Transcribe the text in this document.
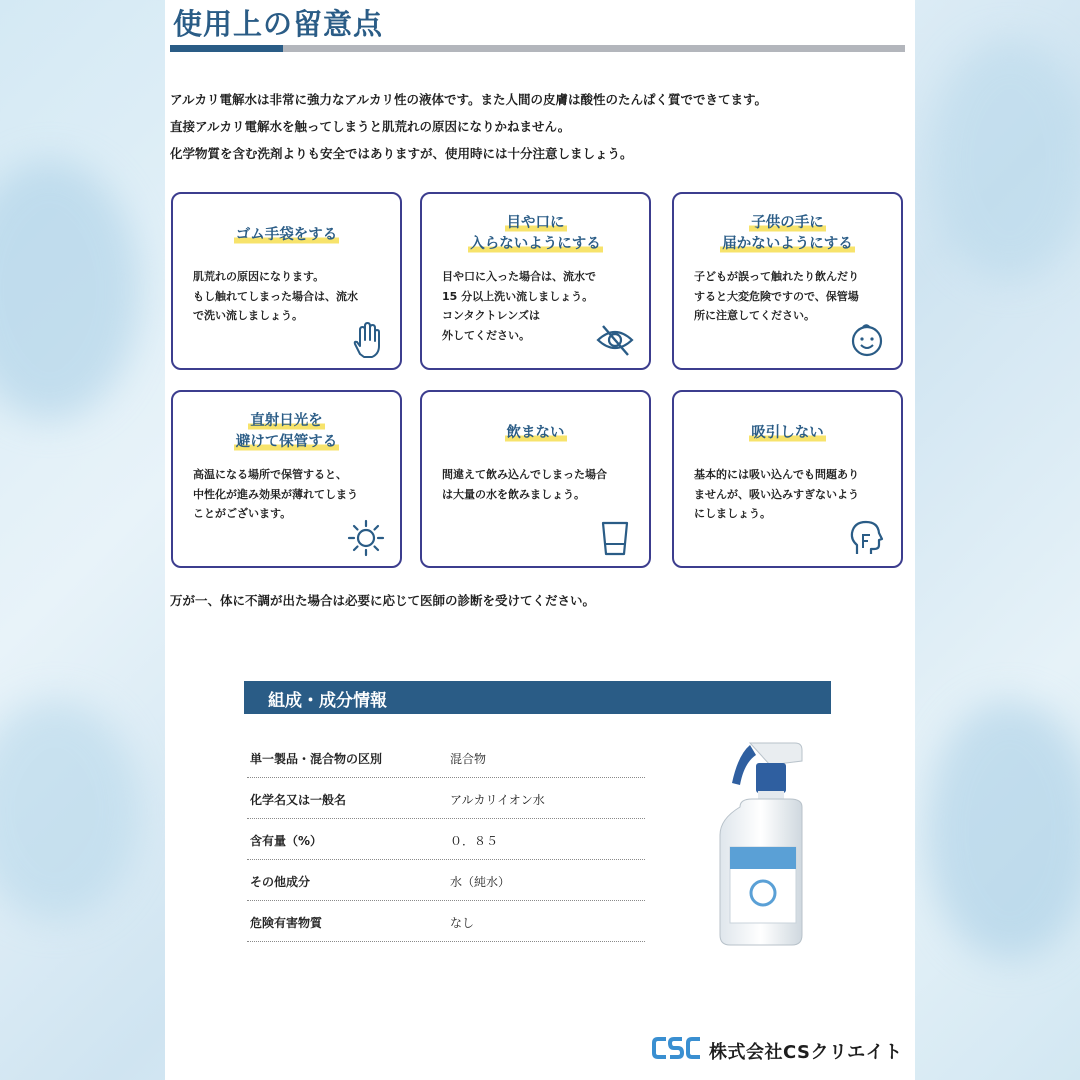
使用上の留意点

アルカリ電解水は非常に強力なアルカリ性の液体です。また人間の皮膚は酸性のたんぱく質でできてます。

直接アルカリ電解水を触ってしまうと肌荒れの原因になりかねません。

化学物質を含む洗剤よりも安全ではありますが、使用時には十分注意しましょう。

ゴム手袋をする
肌荒れの原因になります。
もし触れてしまった場合は、流水
で洗い流しましょう。
目や口に
入らないようにする
目や口に入った場合は、流水で
15 分以上洗い流しましょう。
コンタクトレンズは
外してください。
子供の手に
届かないようにする
子どもが誤って触れたり飲んだり
すると大変危険ですので、保管場
所に注意してください。
直射日光を
避けて保管する
高温になる場所で保管すると、
中性化が進み効果が薄れてしまう
ことがございます。
飲まない
間違えて飲み込んでしまった場合
は大量の水を飲みましょう。
吸引しない
基本的には吸い込んでも問題あり
ませんが、吸い込みすぎないよう
にしましょう。
万が一、体に不調が出た場合は必要に応じて医師の診断を受けてください。
組成・成分情報
単一製品・混合物の区別	混合物
化学名又は一般名	アルカリイオン水
含有量（%）	０．８５
その他成分	水（純水）
危険有害物質	なし
株式会社CSクリエイト
